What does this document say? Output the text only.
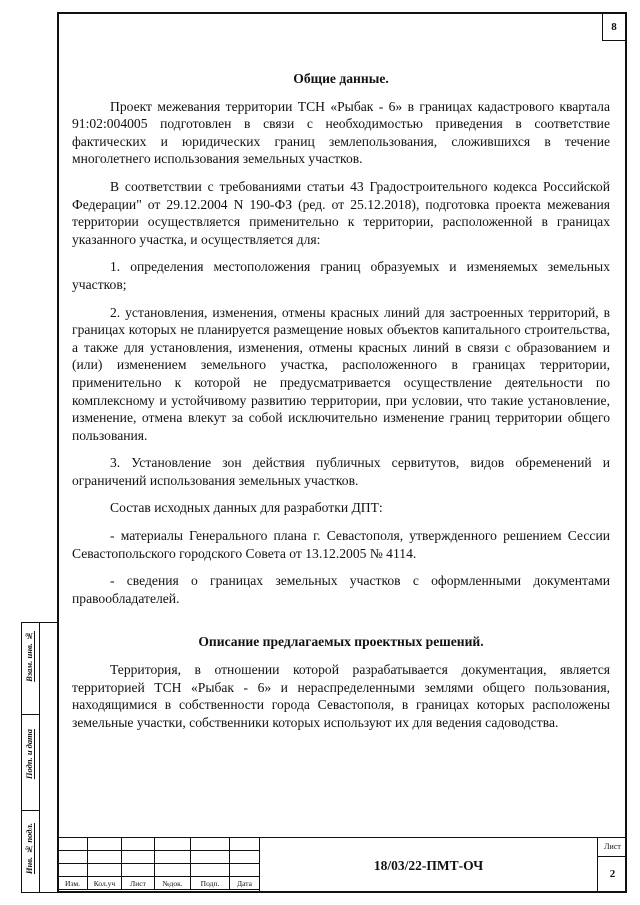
8
Общие данные.
Проект межевания территории ТСН «Рыбак - 6» в границах кадастрового квартала 91:02:004005 подготовлен в связи с необходимостью приведения в соответствие фактических и юридических границ землепользования, сложившихся в течение многолетнего использования земельных участков.
В соответствии с требованиями статьи 43 Градостроительного кодекса Российской Федерации" от 29.12.2004 N 190-ФЗ (ред. от 25.12.2018), подготовка проекта межевания территории осуществляется применительно к территории, расположенной в границах указанного участка, и осуществляется для:
1. определения местоположения границ образуемых и изменяемых земельных участков;
2. установления, изменения, отмены красных линий для застроенных территорий, в границах которых не планируется размещение новых объектов капитального строительства, а также для установления, изменения, отмены красных линий в связи с образованием и (или) изменением земельного участка, расположенного в границах территории, применительно к которой не предусматривается осуществление деятельности по комплексному и устойчивому развитию территории, при условии, что такие установление, изменение, отмена влекут за собой исключительно изменение границ территории общего пользования.
3. Установление зон действия публичных сервитутов, видов обременений и ограничений использования земельных участков.
Состав исходных данных для разработки ДПТ:
- материалы Генерального плана г. Севастополя, утвержденного решением Сессии Севастопольского городского Совета от 13.12.2005 № 4114.
- сведения о границах земельных участков с оформленными документами правообладателей.
Описание предлагаемых проектных решений.
Территория, в отношении которой разрабатывается документация, является территорией ТСН «Рыбак - 6» и нераспределенными землями общего пользования, находящимися в собственности города Севастополя, в границах которых расположены земельные участки, собственники которых используют их для ведения садоводства.
Взам. инв. №
Подп. и дата
Инв. № подл.

Изм.	Кол.уч	Лист	№док.	Подп.	Дата
18/03/22-ПМТ-ОЧ
Лист
2
